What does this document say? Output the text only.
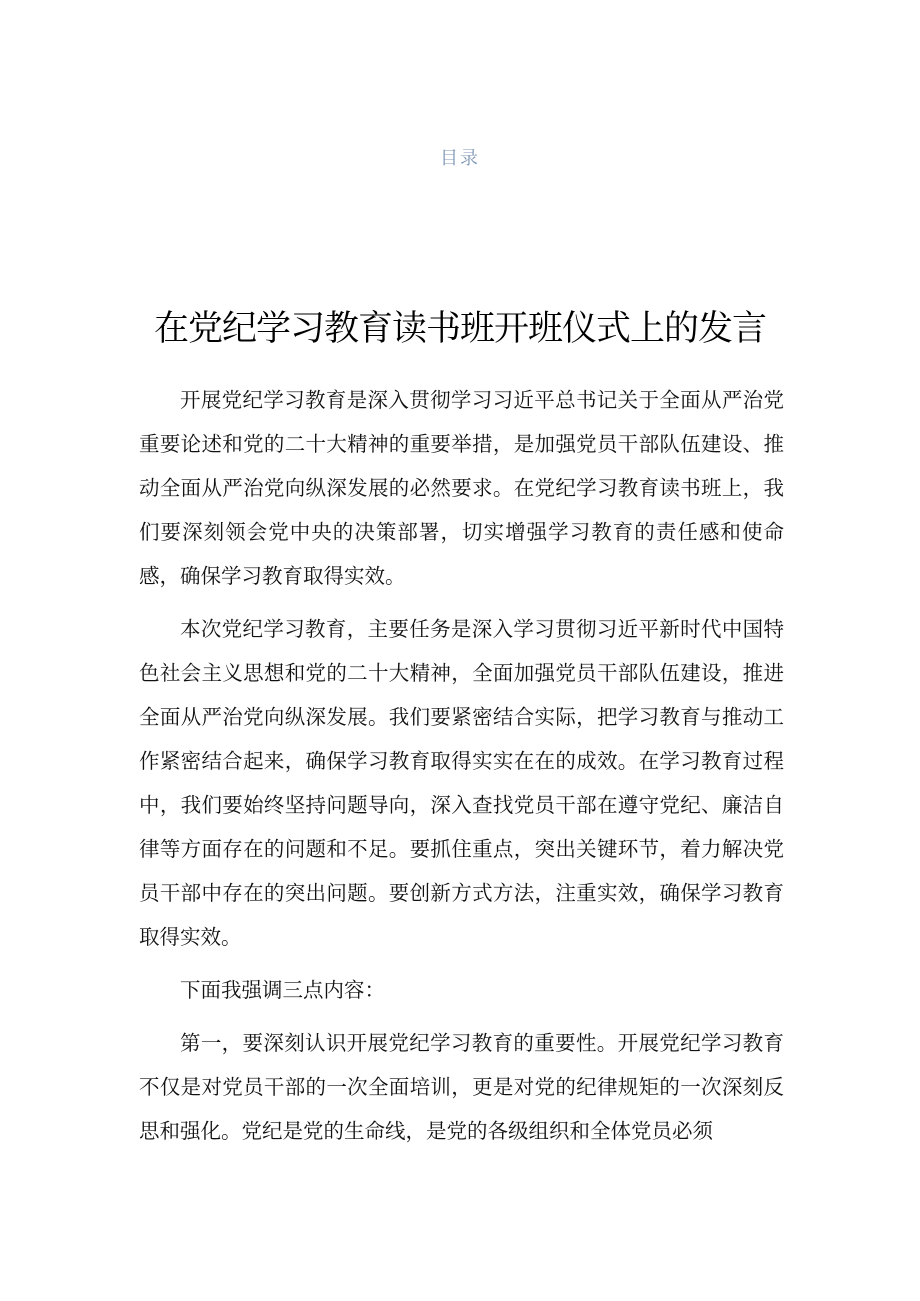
目录
在党纪学习教育读书班开班仪式上的发言

开展党纪学习教育是深入贯彻学习习近平总书记关于全面从严治党重要论述和党的二十大精神的重要举措，是加强党员干部队伍建设、推动全面从严治党向纵深发展的必然要求。在党纪学习教育读书班上，我们要深刻领会党中央的决策部署，切实增强学习教育的责任感和使命感，确保学习教育取得实效。

本次党纪学习教育，主要任务是深入学习贯彻习近平新时代中国特色社会主义思想和党的二十大精神，全面加强党员干部队伍建设，推进全面从严治党向纵深发展。我们要紧密结合实际，把学习教育与推动工作紧密结合起来，确保学习教育取得实实在在的成效。在学习教育过程中，我们要始终坚持问题导向，深入查找党员干部在遵守党纪、廉洁自律等方面存在的问题和不足。要抓住重点，突出关键环节，着力解决党员干部中存在的突出问题。要创新方式方法，注重实效，确保学习教育取得实效。

下面我强调三点内容：

第一，要深刻认识开展党纪学习教育的重要性。开展党纪学习教育不仅是对党员干部的一次全面培训，更是对党的纪律规矩的一次深刻反思和强化。党纪是党的生命线，是党的各级组织和全体党员必须
